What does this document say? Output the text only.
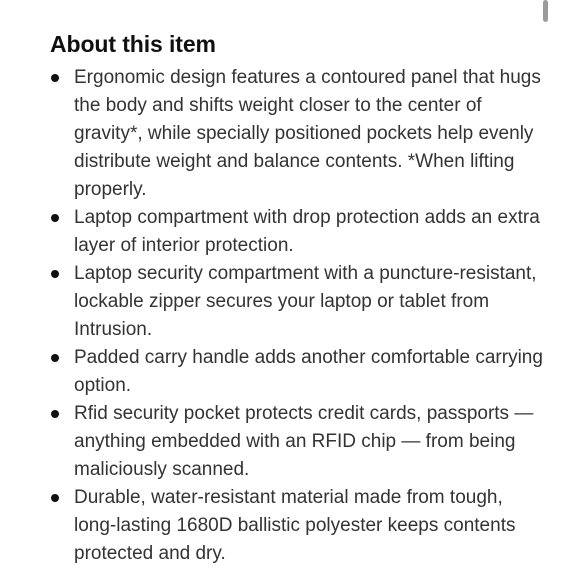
About this item
Ergonomic design features a contoured panel that hugs the body and shifts weight closer to the center of gravity*, while specially positioned pockets help evenly distribute weight and balance contents. *When lifting properly.
Laptop compartment with drop protection adds an extra layer of interior protection.
Laptop security compartment with a puncture-resistant, lockable zipper secures your laptop or tablet from Intrusion.
Padded carry handle adds another comfortable carrying option.
Rfid security pocket protects credit cards, passports — anything embedded with an RFID chip — from being maliciously scanned.
Durable, water-resistant material made from tough, long-lasting 1680D ballistic polyester keeps contents protected and dry.
